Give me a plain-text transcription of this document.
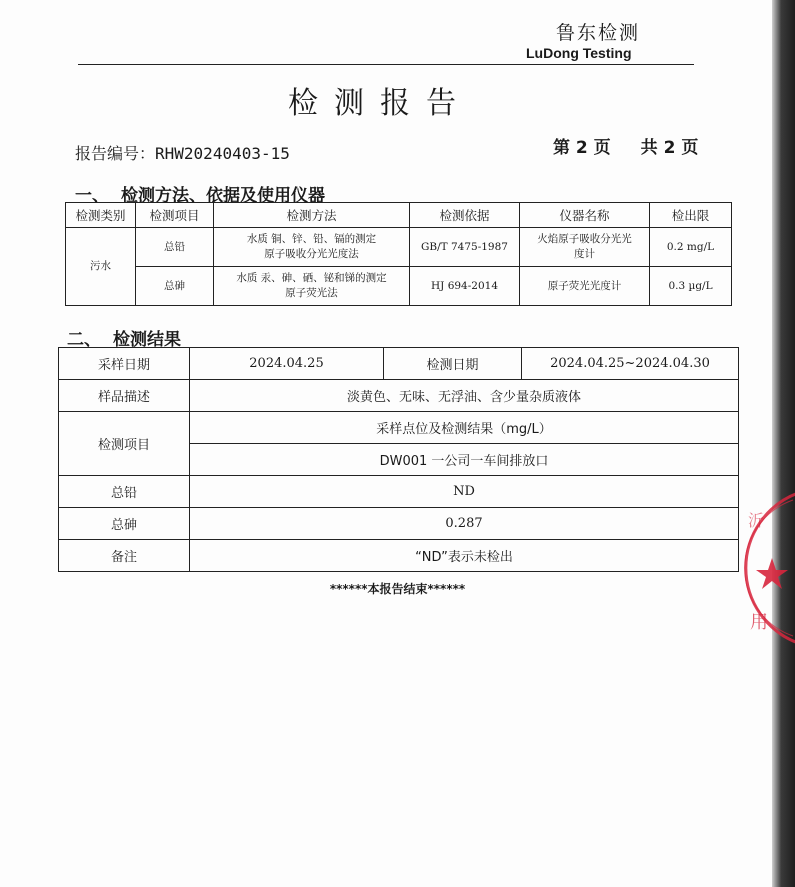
鲁东检测
LuDong Testing
检测报告
报告编号：RHW20240403-15	第 2 页 共 2 页
一、 检测方法、依据及使用仪器
检测类别	检测项目	检测方法	检测依据	仪器名称	检出限
污水	总铅	水质 铜、锌、铅、镉的测定
原子吸收分光光度法	GB/T 7475-1987	火焰原子吸收分光光
度计	0.2 mg/L
	总砷	水质 汞、砷、硒、铋和锑的测定
原子荧光法	HJ 694-2014	原子荧光光度计	0.3 µg/L
二、 检测结果
采样日期	2024.04.25	检测日期	2024.04.25~2024.04.30
样品描述	淡黄色、无味、无浮油、含少量杂质液体		
检测项目	采样点位及检测结果（mg/L）		
	DW001 一公司一车间排放口		
总铅	ND		
总砷	0.287		
备注	“ND”表示未检出		
******本报告结束******
沂
用
